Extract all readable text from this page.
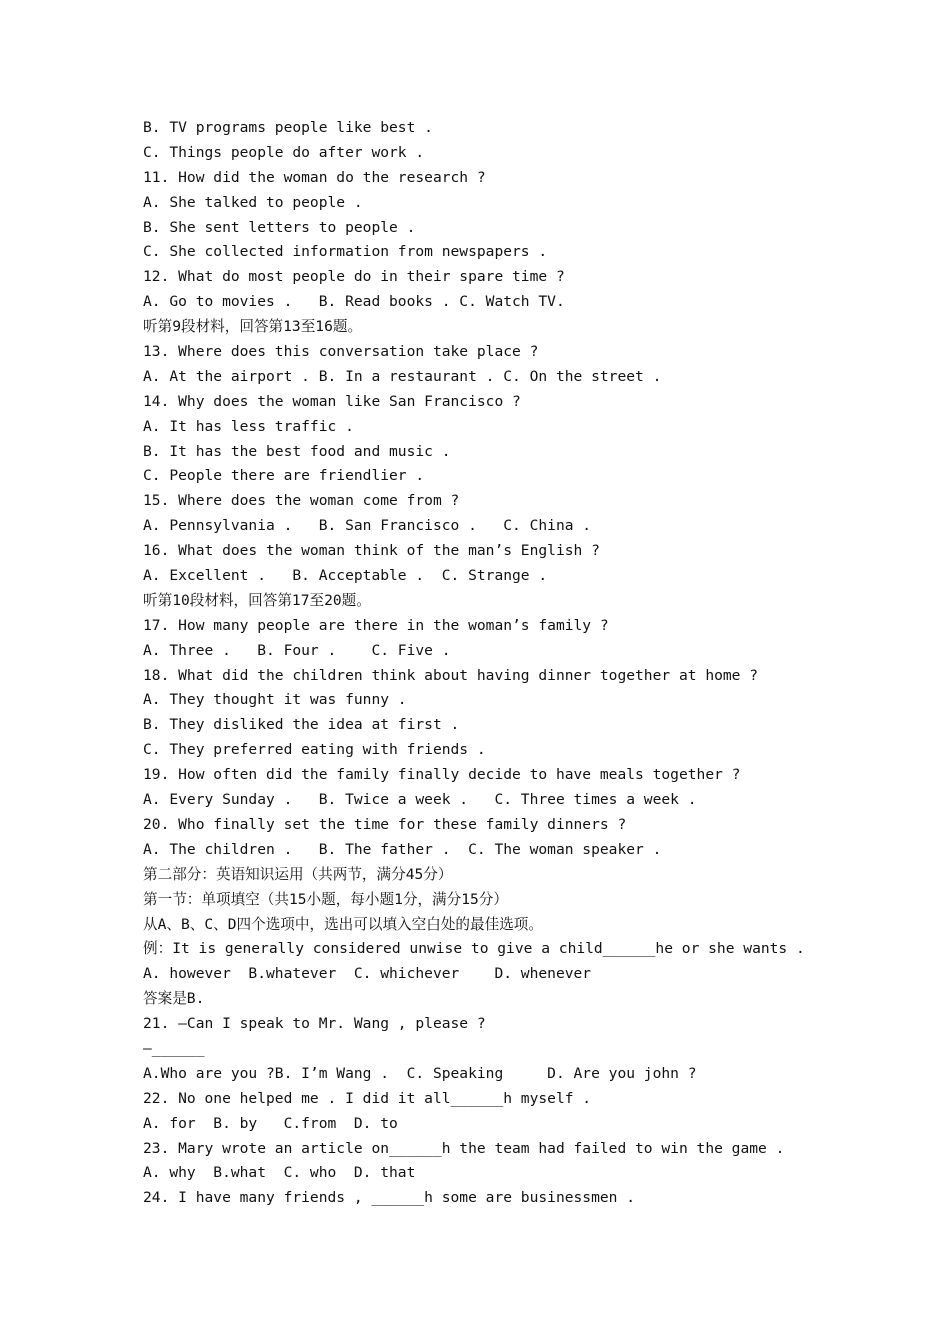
B. TV programs people like best .
C. Things people do after work .
11. How did the woman do the research ?
A. She talked to people .
B. She sent letters to people .
C. She collected information from newspapers .
12. What do most people do in their spare time ?
A. Go to movies .   B. Read books . C. Watch TV.
听第9段材料，回答第13至16题。
13. Where does this conversation take place ?
A. At the airport . B. In a restaurant . C. On the street .
14. Why does the woman like San Francisco ?
A. It has less traffic .
B. It has the best food and music .
C. People there are friendlier .
15. Where does the woman come from ?
A. Pennsylvania .   B. San Francisco .   C. China .
16. What does the woman think of the man’s English ?
A. Excellent .   B. Acceptable .  C. Strange .
听第10段材料，回答第17至20题。
17. How many people are there in the woman’s family ?
A. Three .   B. Four .    C. Five .
18. What did the children think about having dinner together at home ?
A. They thought it was funny .
B. They disliked the idea at first .
C. They preferred eating with friends .
19. How often did the family finally decide to have meals together ?
A. Every Sunday .   B. Twice a week .   C. Three times a week .
20. Who finally set the time for these family dinners ?
A. The children .   B. The father .  C. The woman speaker .
第二部分：英语知识运用（共两节，满分45分）
第一节：单项填空（共15小题，每小题1分，满分15分）
从A、B、C、D四个选项中，选出可以填入空白处的最佳选项。
例：It is generally considered unwise to give a child______he or she wants .
A. however  B.whatever  C. whichever    D. whenever
答案是B.
21. —Can I speak to Mr. Wang , please ?
—______
A.Who are you ?B. I’m Wang .  C. Speaking     D. Are you john ?
22. No one helped me . I did it all______h myself .
A. for  B. by   C.from  D. to
23. Mary wrote an article on______h the team had failed to win the game .
A. why  B.what  C. who  D. that
24. I have many friends , ______h some are businessmen .
